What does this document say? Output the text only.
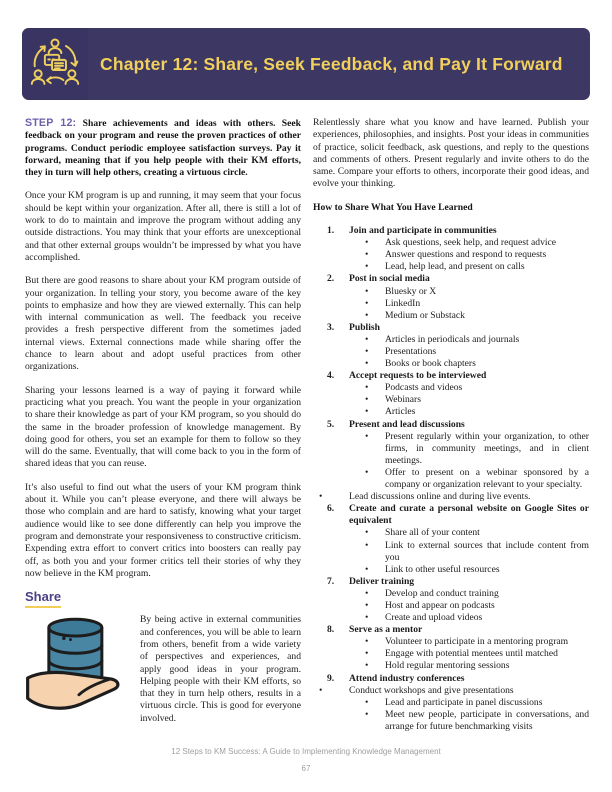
Chapter 12: Share, Seek Feedback, and Pay It Forward

STEP 12: Share achievements and ideas with others. Seek feedback on your program and reuse the proven practices of other programs. Conduct periodic employee satisfaction surveys. Pay it forward, meaning that if you help people with their KM efforts, they in turn will help others, creating a virtuous circle.

Once your KM program is up and running, it may seem that your focus should be kept within your organization. After all, there is still a lot of work to do to maintain and improve the program without adding any outside distractions. You may think that your efforts are unexceptional and that other external groups wouldn’t be impressed by what you have accomplished.

But there are good reasons to share about your KM program outside of your organization. In telling your story, you become aware of the key points to emphasize and how they are viewed externally. This can help with internal communication as well. The feedback you receive provides a fresh perspective different from the sometimes jaded internal views. External connections made while sharing offer the chance to learn about and adopt useful practices from other organizations.

Sharing your lessons learned is a way of paying it forward while practicing what you preach. You want the people in your organization to share their knowledge as part of your KM program, so you should do the same in the broader profession of knowledge management. By doing good for others, you set an example for them to follow so they will do the same. Eventually, that will come back to you in the form of shared ideas that you can reuse.

It’s also useful to find out what the users of your KM program think about it. While you can’t please everyone, and there will always be those who complain and are hard to satisfy, knowing what your target audience would like to see done differently can help you improve the program and demonstrate your responsiveness to constructive criticism. Expending extra effort to convert critics into boosters can really pay off, as both you and your former critics tell their stories of why they now believe in the KM program.

Share
By being active in external communities and conferences, you will be able to learn from others, benefit from a wide variety of perspectives and experiences, and apply good ideas in your program. Helping people with their KM efforts, so that they in turn help others, results in a virtuous circle. This is good for everyone involved.

Relentlessly share what you know and have learned. Publish your experiences, philosophies, and insights. Post your ideas in communities of practice, solicit feedback, ask questions, and reply to the questions and comments of others. Present regularly and invite others to do the same. Compare your efforts to others, incorporate their good ideas, and evolve your thinking.

How to Share What You Have Learned

1.	Join and participate in communities
•	Ask questions, seek help, and request advice
•	Answer questions and respond to requests
•	Lead, help lead, and present on calls
2.	Post in social media
•	Bluesky or X
•	LinkedIn
•	Medium or Substack
3.	Publish
•	Articles in periodicals and journals
•	Presentations
•	Books or book chapters
4.	Accept requests to be interviewed
•	Podcasts and videos
•	Webinars
•	Articles
5.	Present and lead discussions
•	Present regularly within your organization, to other firms, in community meetings, and in client meetings.
•	Offer to present on a webinar sponsored by a company or organization relevant to your specialty.
•	Lead discussions online and during live events.
6.	Create and curate a personal website on Google Sites or equivalent
•	Share all of your content
•	Link to external sources that include content from you
•	Link to other useful resources
7.	Deliver training
•	Develop and conduct training
•	Host and appear on podcasts
•	Create and upload videos
8.	Serve as a mentor
•	Volunteer to participate in a mentoring program
•	Engage with potential mentees until matched
•	Hold regular mentoring sessions
9.	Attend industry conferences
•	Conduct workshops and give presentations
•	Lead and participate in panel discussions
•	Meet new people, participate in conversations, and arrange for future benchmarking visits
12 Steps to KM Success: A Guide to Implementing Knowledge Management
67
